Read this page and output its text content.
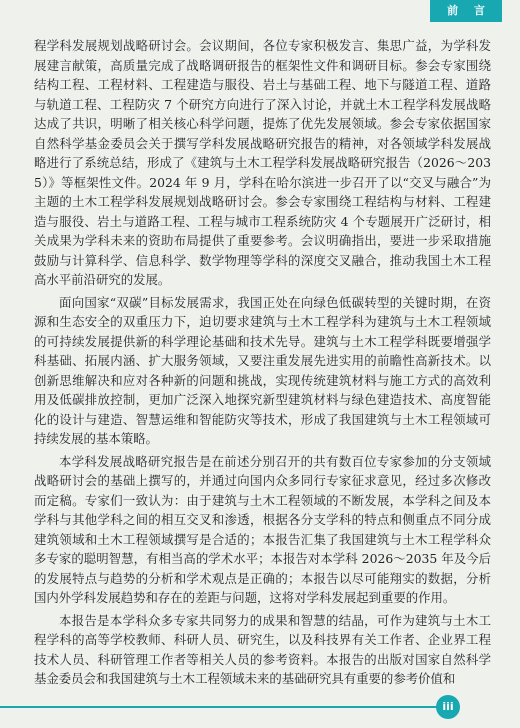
前 言

程学科发展规划战略研讨会。会议期间，各位专家积极发言、集思广益，为学科发展建言献策，高质量完成了战略调研报告的框架性文件和调研目标。参会专家围绕结构工程、工程材料、工程建造与服役、岩土与基础工程、地下与隧道工程、道路与轨道工程、工程防灾 7 个研究方向进行了深入讨论，并就土木工程学科发展战略达成了共识，明晰了相关核心科学问题，提炼了优先发展领域。参会专家依据国家自然科学基金委员会关于撰写学科发展战略研究报告的精神，对各领域学科发展战略进行了系统总结，形成了《建筑与土木工程学科发展战略研究报告（2026～2035）》等框架性文件。2024 年 9 月，学科在哈尔滨进一步召开了以“交叉与融合”为主题的土木工程学科发展规划战略研讨会。参会专家围绕工程结构与材料、工程建造与服役、岩土与道路工程、工程与城市工程系统防灾 4 个专题展开广泛研讨，相关成果为学科未来的资助布局提供了重要参考。会议明确指出，要进一步采取措施鼓励与计算科学、信息科学、数学物理等学科的深度交叉融合，推动我国土木工程高水平前沿研究的发展。

面向国家“双碳”目标发展需求，我国正处在向绿色低碳转型的关键时期，在资源和生态安全的双重压力下，迫切要求建筑与土木工程学科为建筑与土木工程领域的可持续发展提供新的科学理论基础和技术先导。建筑与土木工程学科既要增强学科基础、拓展内涵、扩大服务领域，又要注重发展先进实用的前瞻性高新技术。以创新思维解决和应对各种新的问题和挑战，实现传统建筑材料与施工方式的高效利用及低碳排放控制，更加广泛深入地探究新型建筑材料与绿色建造技术、高度智能化的设计与建造、智慧运维和智能防灾等技术，形成了我国建筑与土木工程领域可持续发展的基本策略。

本学科发展战略研究报告是在前述分别召开的共有数百位专家参加的分支领域战略研讨会的基础上撰写的，并通过向国内众多同行专家征求意见，经过多次修改而定稿。专家们一致认为：由于建筑与土木工程领域的不断发展，本学科之间及本学科与其他学科之间的相互交叉和渗透，根据各分支学科的特点和侧重点不同分成建筑领域和土木工程领域撰写是合适的；本报告汇集了我国建筑与土木工程学科众多专家的聪明智慧，有相当高的学术水平；本报告对本学科 2026～2035 年及今后的发展特点与趋势的分析和学术观点是正确的；本报告以尽可能翔实的数据，分析国内外学科发展趋势和存在的差距与问题，这将对学科发展起到重要的作用。

本报告是本学科众多专家共同努力的成果和智慧的结晶，可作为建筑与土木工程学科的高等学校教师、科研人员、研究生，以及科技界有关工作者、企业界工程技术人员、科研管理工作者等相关人员的参考资料。本报告的出版对国家自然科学基金委员会和我国建筑与土木工程领域未来的基础研究具有重要的参考价值和

iii
